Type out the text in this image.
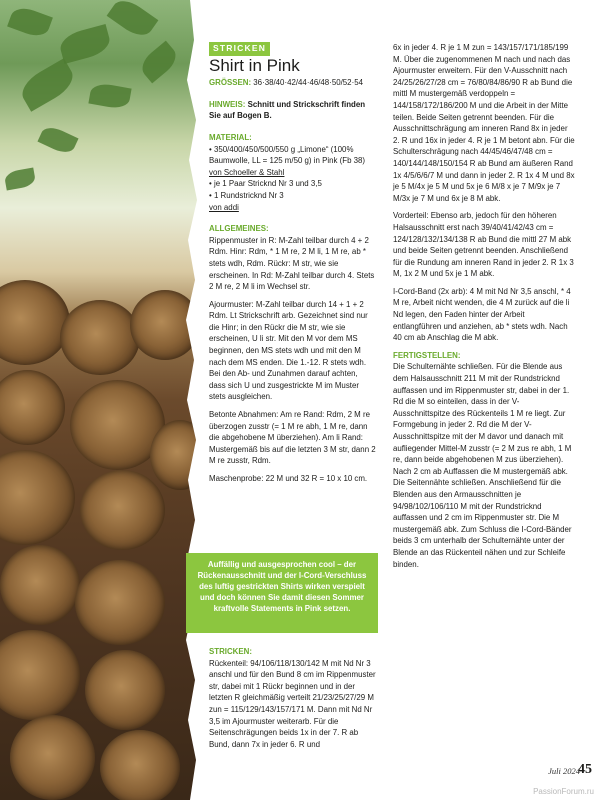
STRICKEN
Shirt in Pink

GRÖSSEN: 36·38/40·42/44·46/48·50/52·54

HINWEIS: Schnitt und Strickschrift finden Sie auf Bogen B.

MATERIAL:
• 350/400/450/500/550 g „Limone“ (100% Baumwolle, LL = 125 m/50 g) in Pink (Fb 38)
von Schoeller & Stahl
• je 1 Paar Stricknd Nr 3 und 3,5
• 1 Rundstricknd Nr 3
von addi
ALLGEMEINES:

Rippenmuster in R: M-Zahl teilbar durch 4 + 2 Rdm. Hinr: Rdm, * 1 M re, 2 M li, 1 M re, ab * stets wdh, Rdm. Rückr: M str, wie sie erscheinen. In Rd: M-Zahl teilbar durch 4. Stets 2 M re, 2 M li im Wechsel str.

Ajourmuster: M-Zahl teilbar durch 14 + 1 + 2 Rdm. Lt Strickschrift arb. Gezeichnet sind nur die Hinr; in den Rückr die M str, wie sie erscheinen, U li str. Mit den M vor dem MS beginnen, den MS stets wdh und mit den M nach dem MS enden. Die 1.-12. R stets wdh. Bei den Ab- und Zunahmen darauf achten, dass sich U und zusgestrickte M im Muster stets ausgleichen.

Betonte Abnahmen: Am re Rand: Rdm, 2 M re überzogen zusstr (= 1 M re abh, 1 M re, dann die abgehobene M überziehen). Am li Rand: Mustergemäß bis auf die letzten 3 M str, dann 2 M re zusstr, Rdm.

Maschenprobe: 22 M und 32 R = 10 x 10 cm.

Auffällig und ausgesprochen cool – der Rückenausschnitt und der I-Cord-Verschluss des luftig gestrickten Shirts wirken verspielt und doch können Sie damit diesen Sommer kraftvolle Statements in Pink setzen.
STRICKEN:

Rückenteil: 94/106/118/130/142 M mit Nd Nr 3 anschl und für den Bund 8 cm im Rippenmuster str, dabei mit 1 Rückr beginnen und in der letzten R gleichmäßig verteilt 21/23/25/27/29 M zun = 115/129/143/157/171 M. Dann mit Nd Nr 3,5 im Ajourmuster weiterarb. Für die Seitenschrägungen beids 1x in der 7. R ab Bund, dann 7x in jeder 6. R und

6x in jeder 4. R je 1 M zun = 143/157/171/185/199 M. Über die zugenommenen M nach und nach das Ajourmuster erweitern. Für den V-Ausschnitt nach 24/25/26/27/28 cm = 76/80/84/86/90 R ab Bund die mittl M mustergemäß verdoppeln = 144/158/172/186/200 M und die Arbeit in der Mitte teilen. Beide Seiten getrennt beenden. Für die Ausschnittschrägung am inneren Rand 8x in jeder 2. R und 16x in jeder 4. R je 1 M betont abn. Für die Schulterschrägung nach 44/45/46/47/48 cm = 140/144/148/150/154 R ab Bund am äußeren Rand 1x 4/5/6/6/7 M und dann in jeder 2. R 1x 4 M und 8x je 5 M/4x je 5 M und 5x je 6 M/8 x je 7 M/9x je 7 M/3x je 7 M und 6x je 8 M abk.

Vorderteil: Ebenso arb, jedoch für den höheren Halsausschnitt erst nach 39/40/41/42/43 cm = 124/128/132/134/138 R ab Bund die mittl 27 M abk und beide Seiten getrennt beenden. Anschließend für die Rundung am inneren Rand in jeder 2. R 1x 3 M, 1x 2 M und 5x je 1 M abk.

I-Cord-Band (2x arb): 4 M mit Nd Nr 3,5 anschl, * 4 M re, Arbeit nicht wenden, die 4 M zurück auf die li Nd legen, den Faden hinter der Arbeit entlangführen und anziehen, ab * stets wdh. Nach 40 cm ab Anschlag die M abk.

FERTIGSTELLEN:

Die Schulternähte schließen. Für die Blende aus dem Halsausschnitt 211 M mit der Rundstricknd auffassen und im Rippenmuster str, dabei in der 1. Rd die M so einteilen, dass in der V-Ausschnittspitze des Rückenteils 1 M re liegt. Zur Formgebung in jeder 2. Rd die M der V-Ausschnittspitze mit der M davor und danach mit aufliegender Mittel-M zusstr (= 2 M zus re abh, 1 M re, dann beide abgehobenen M zus überziehen). Nach 2 cm ab Auffassen die M mustergemäß abk. Die Seitennähte schließen. Anschließend für die Blenden aus den Armausschnitten je 94/98/102/106/110 M mit der Rundstricknd auffassen und 2 cm im Rippenmuster str. Die M mustergemäß abk. Zum Schluss die I-Cord-Bänder beids 3 cm unterhalb der Schulternähte unter der Blende an das Rückenteil nähen und zur Schleife binden.

Juli 2024
45
PassionForum.ru
